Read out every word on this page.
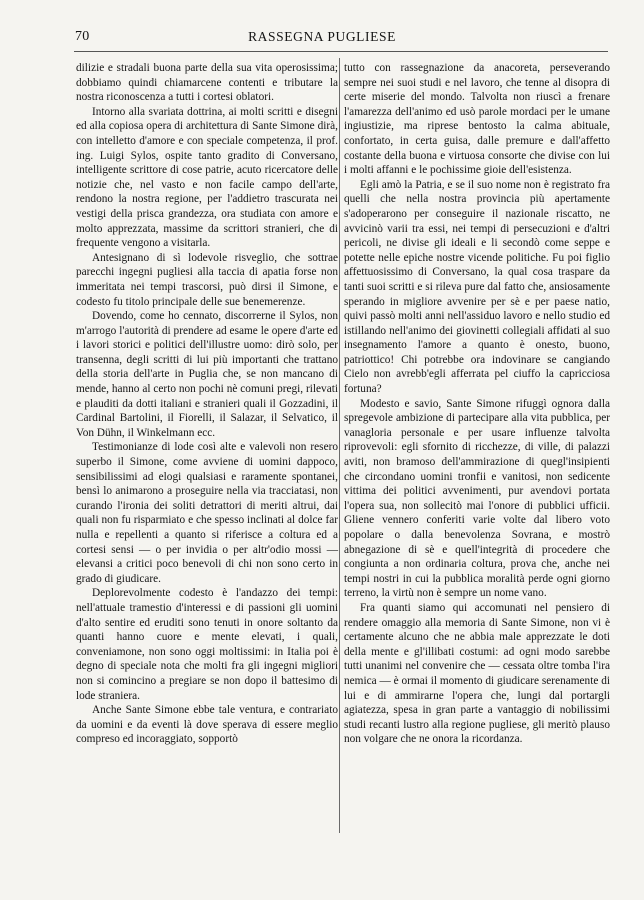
70	RASSEGNA PUGLIESE

dilizie e stradali buona parte della sua vita operosissima; dobbiamo quindi chiamarcene contenti e tributare la nostra riconoscenza a tutti i cortesi oblatori.

Intorno alla svariata dottrina, ai molti scritti e disegni ed alla copiosa opera di architettura di Sante Simone dirà, con intelletto d'amore e con speciale competenza, il prof. ing. Luigi Sylos, ospite tanto gradito di Conversano, intelligente scrittore di cose patrie, acuto ricercatore delle notizie che, nel vasto e non facile campo dell'arte, rendono la nostra regione, per l'addietro trascurata nei vestigi della prisca grandezza, ora studiata con amore e molto apprezzata, massime da scrittori stranieri, che di frequente vengono a visitarla.

Antesignano di sì lodevole risveglio, che sottrae parecchi ingegni pugliesi alla taccia di apatia forse non immeritata nei tempi trascorsi, può dirsi il Simone, e codesto fu titolo principale delle sue benemerenze.

Dovendo, come ho cennato, discorrerne il Sylos, non m'arrogo l'autorità di prendere ad esame le opere d'arte ed i lavori storici e politici dell'illustre uomo: dirò solo, per transenna, degli scritti di lui più importanti che trattano della storia dell'arte in Puglia che, se non mancano di mende, hanno al certo non pochi nè comuni pregi, rilevati e plauditi da dotti italiani e stranieri quali il Gozzadini, il Cardinal Bartolini, il Fiorelli, il Salazar, il Selvatico, il Von Dühn, il Winkelmann ecc.

Testimonianze di lode così alte e valevoli non resero superbo il Simone, come avviene di uomini dappoco, sensibilissimi ad elogi qualsiasi e raramente spontanei, bensì lo animarono a proseguire nella via tracciatasi, non curando l'ironia dei soliti detrattori di meriti altrui, dai quali non fu risparmiato e che spesso inclinati al dolce far nulla e repellenti a quanto si riferisce a coltura ed a cortesi sensi — o per invidia o per altr'odio mossi — elevansi a critici poco benevoli di chi non sono certo in grado di giudicare.

Deplorevolmente codesto è l'andazzo dei tempi: nell'attuale tramestio d'interessi e di passioni gli uomini d'alto sentire ed eruditi sono tenuti in onore soltanto da quanti hanno cuore e mente elevati, i quali, conveniamone, non sono oggi moltissimi: in Italia poi è degno di speciale nota che molti fra gli ingegni migliori non si comincino a pregiare se non dopo il battesimo di lode straniera.

Anche Sante Simone ebbe tale ventura, e contrariato da uomini e da eventi là dove sperava di essere meglio compreso ed incoraggiato, sopportò

tutto con rassegnazione da anacoreta, perseverando sempre nei suoi studi e nel lavoro, che tenne al disopra di certe miserie del mondo. Talvolta non riuscì a frenare l'amarezza dell'animo ed usò parole mordaci per le umane ingiustizie, ma riprese bentosto la calma abituale, confortato, in certa guisa, dalle premure e dall'affetto costante della buona e virtuosa consorte che divise con lui i molti affanni e le pochissime gioie dell'esistenza.

Egli amò la Patria, e se il suo nome non è registrato fra quelli che nella nostra provincia più apertamente s'adoperarono per conseguire il nazionale riscatto, ne avvicinò varii tra essi, nei tempi di persecuzioni e d'altri pericoli, ne divise gli ideali e li secondò come seppe e potette nelle epiche nostre vicende politiche. Fu poi figlio affettuosissimo di Conversano, la qual cosa traspare da tanti suoi scritti e si rileva pure dal fatto che, ansiosamente sperando in migliore avvenire per sè e per paese natio, quivi passò molti anni nell'assiduo lavoro e nello studio ed istillando nell'animo dei giovinetti collegiali affidati al suo insegnamento l'amore a quanto è onesto, buono, patriottico! Chi potrebbe ora indovinare se cangiando Cielo non avrebb'egli afferrata pel ciuffo la capricciosa fortuna?

Modesto e savio, Sante Simone rifuggì ognora dalla spregevole ambizione di partecipare alla vita pubblica, per vanagloria personale e per usare influenze talvolta riprovevoli: egli sfornito di ricchezze, di ville, di palazzi aviti, non bramoso dell'ammirazione di quegl'insipienti che circondano uomini tronfii e vanitosi, non sedicente vittima dei politici avvenimenti, pur avendovi portata l'opera sua, non sollecitò mai l'onore di pubblici ufficii. Gliene vennero conferiti varie volte dal libero voto popolare o dalla benevolenza Sovrana, e mostrò abnegazione di sè e quell'integrità di procedere che congiunta a non ordinaria coltura, prova che, anche nei tempi nostri in cui la pubblica moralità perde ogni giorno terreno, la virtù non è sempre un nome vano.

Fra quanti siamo qui accomunati nel pensiero di rendere omaggio alla memoria di Sante Simone, non vi è certamente alcuno che ne abbia male apprezzate le doti della mente e gl'illibati costumi: ad ogni modo sarebbe tutti unanimi nel convenire che — cessata oltre tomba l'ira nemica — è ormai il momento di giudicare serenamente di lui e di ammirarne l'opera che, lungi dal portargli agiatezza, spesa in gran parte a vantaggio di nobilissimi studi recanti lustro alla regione pugliese, gli meritò plauso non volgare che ne onora la ricordanza.
